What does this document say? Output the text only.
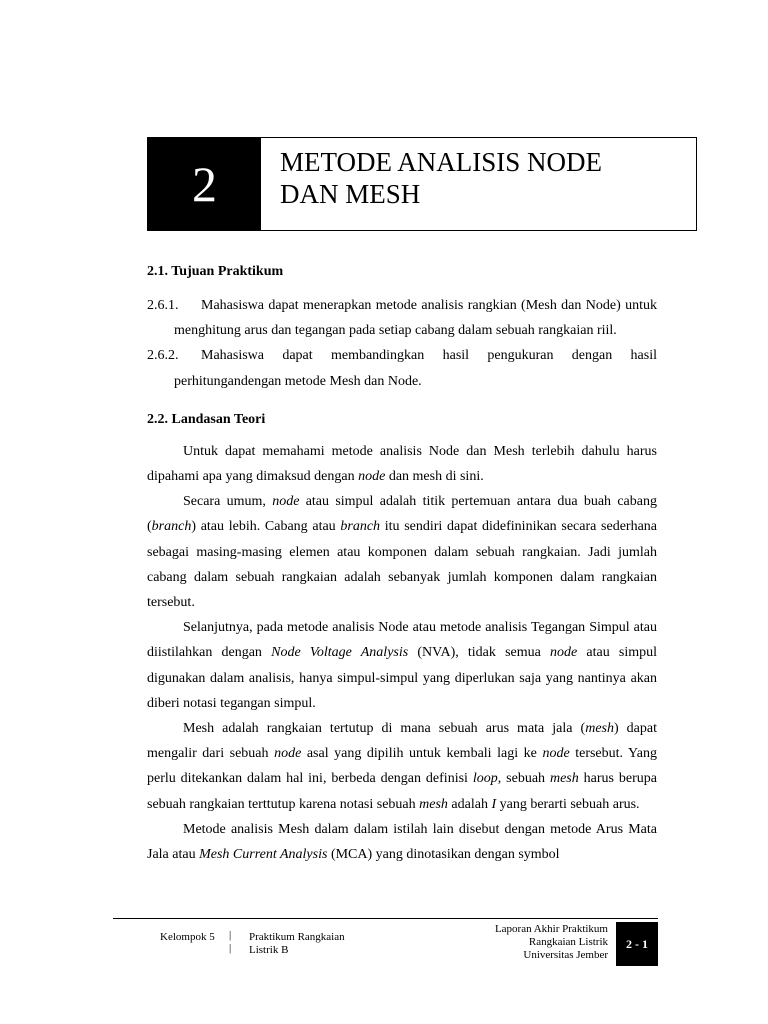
2	METODE ANALISIS NODE
DAN MESH
2.1. Tujuan Praktikum

2.6.1. Mahasiswa dapat menerapkan metode analisis rangkian (Mesh dan Node) untuk menghitung arus dan tegangan pada setiap cabang dalam sebuah rangkaian riil.

2.6.2. Mahasiswa dapat membandingkan hasil pengukuran dengan hasil perhitungandengan metode Mesh dan Node.

2.2. Landasan Teori

Untuk dapat memahami metode analisis Node dan Mesh terlebih dahulu harus dipahami apa yang dimaksud dengan node dan mesh di sini.

Secara umum, node atau simpul adalah titik pertemuan antara dua buah cabang (branch) atau lebih. Cabang atau branch itu sendiri dapat didefininikan secara sederhana sebagai masing-masing elemen atau komponen dalam sebuah rangkaian. Jadi jumlah cabang dalam sebuah rangkaian adalah sebanyak jumlah komponen dalam rangkaian tersebut.

Selanjutnya, pada metode analisis Node atau metode analisis Tegangan Simpul atau diistilahkan dengan Node Voltage Analysis (NVA), tidak semua node atau simpul digunakan dalam analisis, hanya simpul-simpul yang diperlukan saja yang nantinya akan diberi notasi tegangan simpul.

Mesh adalah rangkaian tertutup di mana sebuah arus mata jala (mesh) dapat mengalir dari sebuah node asal yang dipilih untuk kembali lagi ke node tersebut. Yang perlu ditekankan dalam hal ini, berbeda dengan definisi loop, sebuah mesh harus berupa sebuah rangkaian terttutup karena notasi sebuah mesh adalah I yang berarti sebuah arus.

Metode analisis Mesh dalam dalam istilah lain disebut dengan metode Arus Mata Jala atau Mesh Current Analysis (MCA) yang dinotasikan dengan symbol

Kelompok 5 |
|
Praktikum Rangkaian
Listrik B
Laporan Akhir Praktikum
Rangkaian Listrik
Universitas Jember
2 - 1
